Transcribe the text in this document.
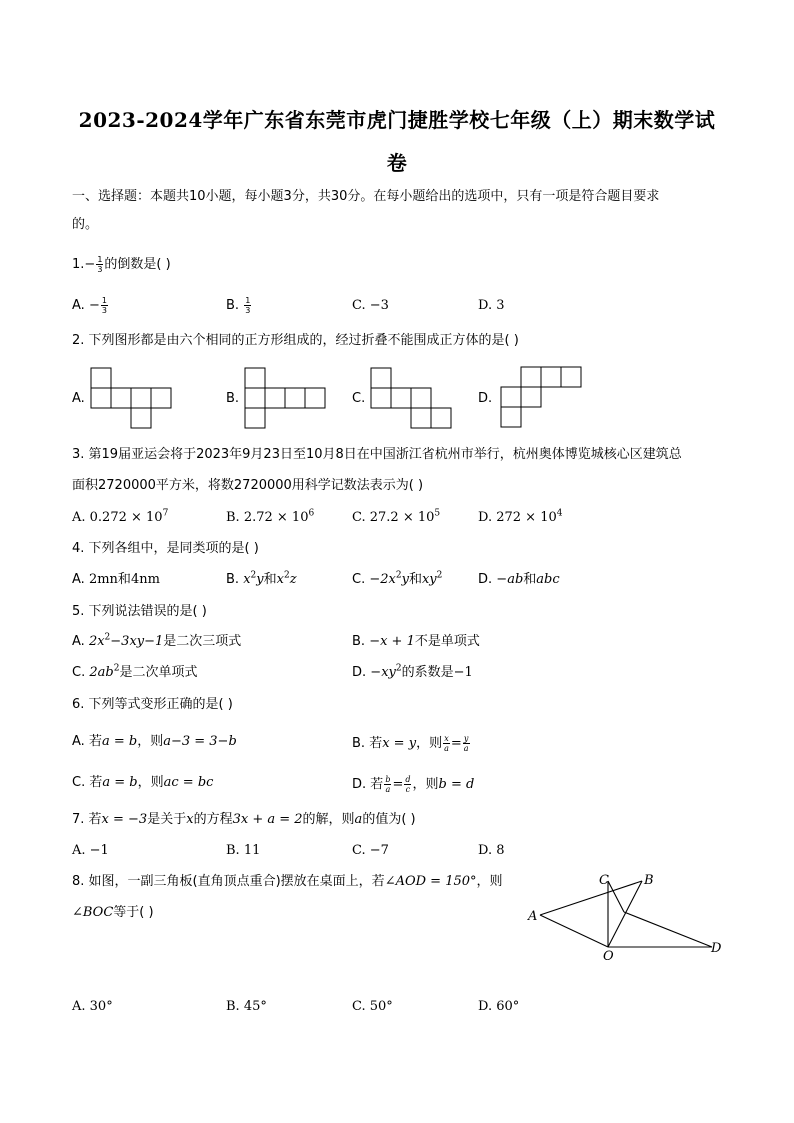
2023-2024学年广东省东莞市虎门捷胜学校七年级（上）期末数学试
卷
一、选择题：本题共10小题，每小题3分，共30分。在每小题给出的选项中，只有一项是符合题目要求
的。
$1.- \frac{1}{3}$ 的倒数是( )
A. − $\frac{1}{3}$	B. $\frac{1}{3}$	C. −3	D. 3
2. 下列图形都是由六个相同的正方形组成的，经过折叠不能围成正方体的是( )
A.	B.	C.	D.
3. 第19届亚运会将于2023年9月23日至10月8日在中国浙江省杭州市举行，杭州奥体博览城核心区建筑总
面积2720000平方米，将数2720000用科学记数法表示为( )
A. $0.272 \times 10^7$	B. $2.72 \times 10^6$	C. $27.2 \times 10^5$	D. $272 \times 10^4$
4. 下列各组中，是同类项的是( )
A. 2mn和4nm	B. $x^2y$和$x^2z$	C. $-2x^2y$和$xy^2$	D. −ab和abc
5. 下列说法错误的是( )
A. $2x^2-3xy-1$是二次三项式	B. −x + 1不是单项式
C. $2ab^2$是二次单项式	D. $-xy^2$的系数是−1
6. 下列等式变形正确的是( )
A. 若a = b，则a−3 = 3−b	B. 若x = y，则 $\frac{x}{a} = \frac{y}{a}$
C. 若a = b，则ac = bc	D. 若 $\frac{b}{a} = \frac{d}{c}$ ，则b = d
7. 若x = −3是关于x的方程3x + a = 2的解，则a的值为( )
A. −1	B. 11	C. −7	D. 8
8. 如图，一副三角板(直角顶点重合)摆放在桌面上，若∠AOD = 150°，则
∠BOC等于( )	A
C	B
O
D
A. 30°	B. 45°	C. 50°	D. 60°
